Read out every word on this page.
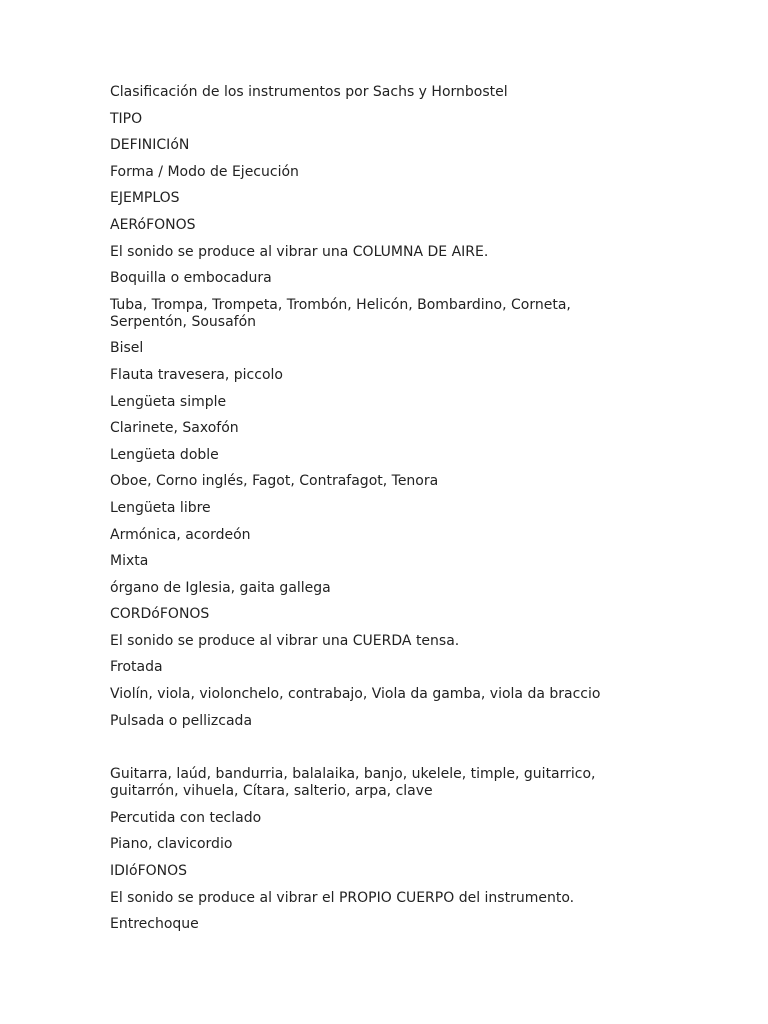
Clasificación de los instrumentos por Sachs y Hornbostel
TIPO
DEFINICIóN
Forma / Modo de Ejecución
EJEMPLOS
AERóFONOS
El sonido se produce al vibrar una COLUMNA DE AIRE.
Boquilla o embocadura
Tuba, Trompa, Trompeta, Trombón, Helicón, Bombardino, Corneta, Serpentón, Sousafón
Bisel
Flauta travesera, piccolo
Lengüeta simple
Clarinete, Saxofón
Lengüeta doble
Oboe, Corno inglés, Fagot, Contrafagot, Tenora
Lengüeta libre
Armónica, acordeón
Mixta
órgano de Iglesia, gaita gallega
CORDóFONOS
El sonido se produce al vibrar una CUERDA tensa.
Frotada
Violín, viola, violonchelo, contrabajo, Viola da gamba, viola da braccio
Pulsada o pellizcada
Guitarra, laúd, bandurria, balalaika, banjo, ukelele, timple, guitarrico, guitarrón, vihuela, Cítara, salterio, arpa, clave
Percutida con teclado
Piano, clavicordio
IDIóFONOS
El sonido se produce al vibrar el PROPIO CUERPO del instrumento.
Entrechoque
